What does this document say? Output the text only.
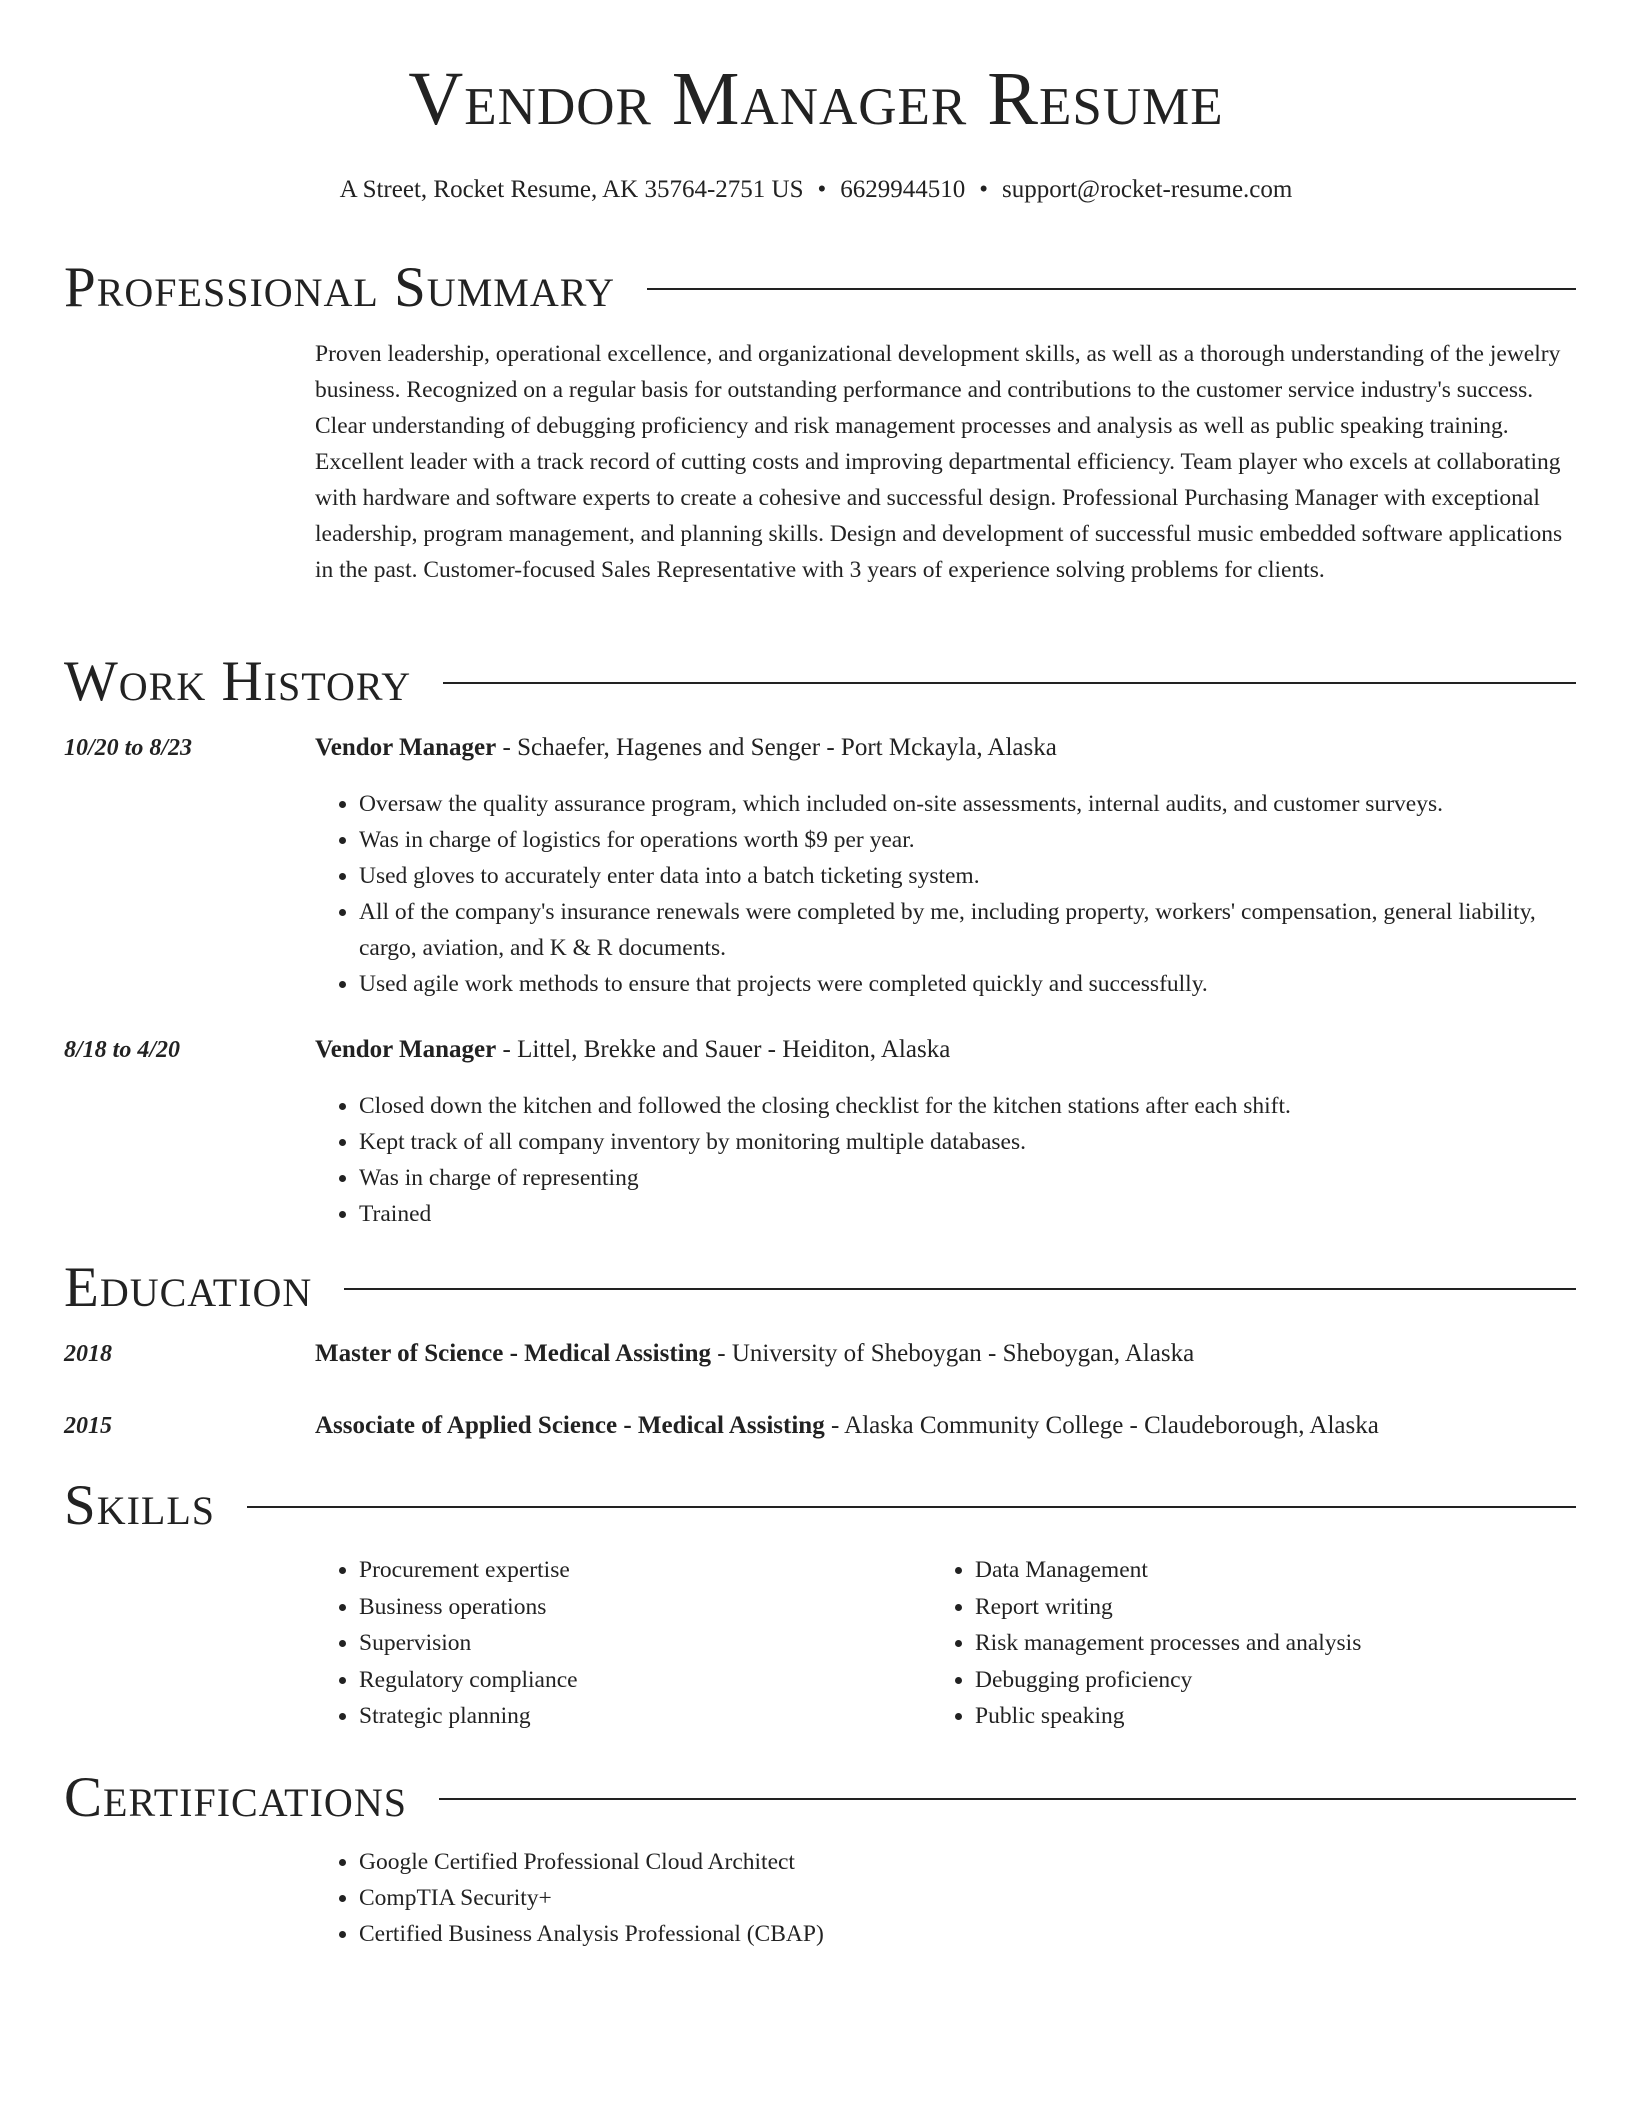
Vendor Manager Resume
A Street, Rocket Resume, AK 35764-2751 US • 6629944510 • support@rocket-resume.com
Professional Summary
Proven leadership, operational excellence, and organizational development skills, as well as a thorough understanding of the jewelry business. Recognized on a regular basis for outstanding performance and contributions to the customer service industry's success. Clear understanding of debugging proficiency and risk management processes and analysis as well as public speaking training. Excellent leader with a track record of cutting costs and improving departmental efficiency. Team player who excels at collaborating with hardware and software experts to create a cohesive and successful design. Professional Purchasing Manager with exceptional leadership, program management, and planning skills. Design and development of successful music embedded software applications in the past. Customer-focused Sales Representative with 3 years of experience solving problems for clients.
Work History
10/20 to 8/23	Vendor Manager - Schaefer, Hagenes and Senger - Port Mckayla, Alaska
• Oversaw the quality assurance program, which included on-site assessments, internal audits, and customer surveys.
• Was in charge of logistics for operations worth $9 per year.
• Used gloves to accurately enter data into a batch ticketing system.
• All of the company's insurance renewals were completed by me, including property, workers' compensation, general liability, cargo, aviation, and K & R documents.
• Used agile work methods to ensure that projects were completed quickly and successfully.
8/18 to 4/20	Vendor Manager - Littel, Brekke and Sauer - Heiditon, Alaska
• Closed down the kitchen and followed the closing checklist for the kitchen stations after each shift.
• Kept track of all company inventory by monitoring multiple databases.
• Was in charge of representing
• Trained
Education
2018	Master of Science - Medical Assisting - University of Sheboygan - Sheboygan, Alaska
2015	Associate of Applied Science - Medical Assisting - Alaska Community College - Claudeborough, Alaska
Skills
• Procurement expertise
• Business operations
• Supervision
• Regulatory compliance
• Strategic planning
• Data Management
• Report writing
• Risk management processes and analysis
• Debugging proficiency
• Public speaking
Certifications
• Google Certified Professional Cloud Architect
• CompTIA Security+
• Certified Business Analysis Professional (CBAP)
